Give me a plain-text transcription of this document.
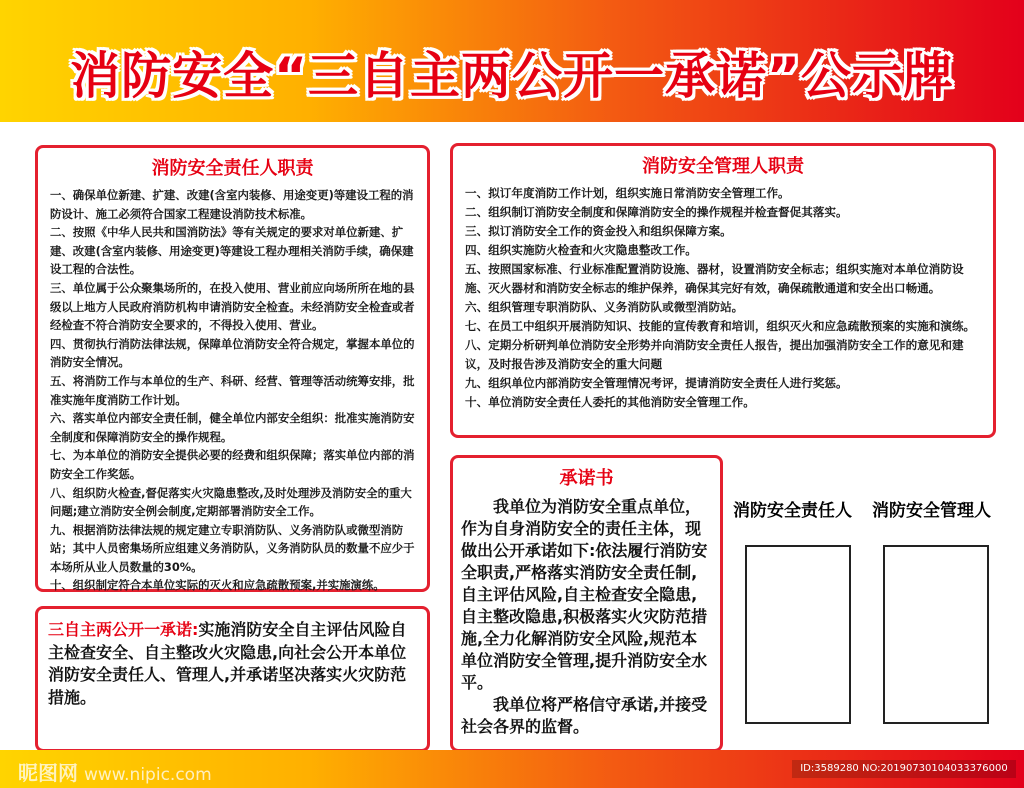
消防安全“三自主两公开一承诺”公示牌
消防安全责任人职责
一、确保单位新建、扩建、改建(含室内装修、用途变更)等建设工程的消防设计、施工必须符合国家工程建设消防技术标准。
二、按照《中华人民共和国消防法》等有关规定的要求对单位新建、扩建、改建(含室内装修、用途变更)等建设工程办理相关消防手续，确保建设工程的合法性。
三、单位属于公众聚集场所的，在投入使用、营业前应向场所所在地的县级以上地方人民政府消防机构申请消防安全检查。未经消防安全检查或者经检查不符合消防安全要求的，不得投入使用、营业。
四、贯彻执行消防法律法规，保障单位消防安全符合规定，掌握本单位的消防安全情况。
五、将消防工作与本单位的生产、科研、经营、管理等活动统筹安排，批准实施年度消防工作计划。
六、落实单位内部安全责任制，健全单位内部安全组织：批准实施消防安全制度和保障消防安全的操作规程。
七、为本单位的消防安全提供必要的经费和组织保障；落实单位内部的消防安全工作奖惩。
八、组织防火检查,督促落实火灾隐患整改,及时处理涉及消防安全的重大问题;建立消防安全例会制度,定期部署消防安全工作。
九、根据消防法律法规的规定建立专职消防队、义务消防队或微型消防站；其中人员密集场所应组建义务消防队，义务消防队员的数量不应少于本场所从业人员数量的30%。
十、组织制定符合本单位实际的灭火和应急疏散预案,并实施演练。
消防安全管理人职责
一、拟订年度消防工作计划，组织实施日常消防安全管理工作。
二、组织制订消防安全制度和保障消防安全的操作规程并检查督促其落实。
三、拟订消防安全工作的资金投入和组织保障方案。
四、组织实施防火检查和火灾隐患整改工作。
五、按照国家标准、行业标准配置消防设施、器材，设置消防安全标志；组织实施对本单位消防设施、灭火器材和消防安全标志的维护保养，确保其完好有效，确保疏散通道和安全出口畅通。
六、组织管理专职消防队、义务消防队或微型消防站。
七、在员工中组织开展消防知识、技能的宣传教育和培训，组织灭火和应急疏散预案的实施和演练。
八、定期分析研判单位消防安全形势并向消防安全责任人报告，提出加强消防安全工作的意见和建议，及时报告涉及消防安全的重大问题
九、组织单位内部消防安全管理情况考评，提请消防安全责任人进行奖惩。
十、单位消防安全责任人委托的其他消防安全管理工作。
承诺书

我单位为消防安全重点单位，作为自身消防安全的责任主体，现做出公开承诺如下:依法履行消防安全职责,严格落实消防安全责任制,自主评估风险,自主检查安全隐患,自主整改隐患,积极落实火灾防范措施,全力化解消防安全风险,规范本单位消防安全管理,提升消防安全水平。

我单位将严格信守承诺,并接受社会各界的监督。

三自主两公开一承诺:实施消防安全自主评估风险自主检查安全、自主整改火灾隐患,向社会公开本单位消防安全责任人、管理人,并承诺坚决落实火灾防范措施。
消防安全责任人 消防安全管理人
昵图网 www.nipic.com	ID:3589280 NO:20190730104033376000
